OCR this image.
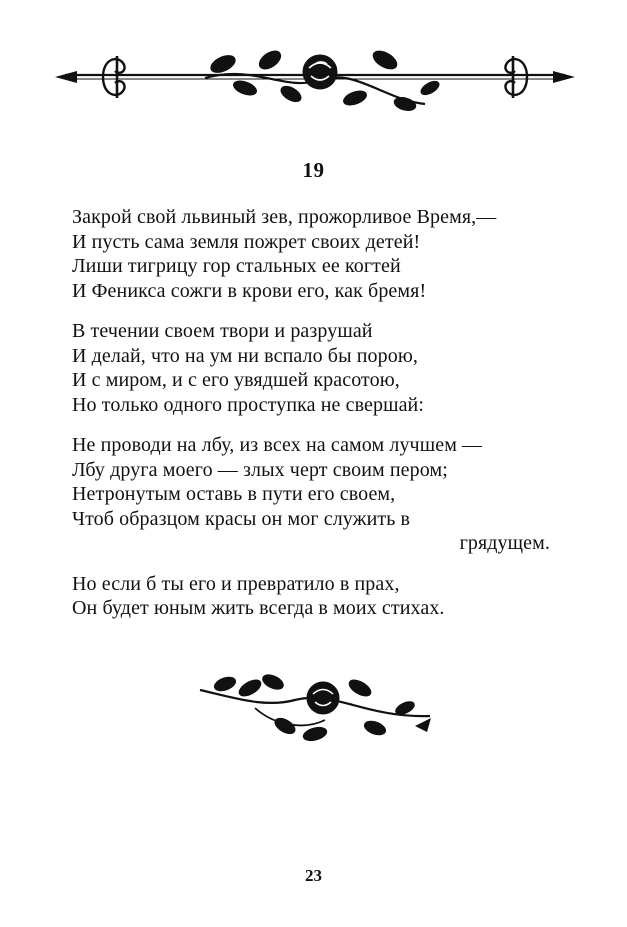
19
Закрой свой львиный зев, прожорливое Время,—
И пусть сама земля пожрет своих детей!
Лиши тигрицу гор стальных ее когтей
И Феникса сожги в крови его, как бремя!
В течении своем твори и разрушай
И делай, что на ум ни вспало бы порою,
И с миром, и с его увядшей красотою,
Но только одного проступка не свершай:
Не проводи на лбу, из всех на самом лучшем —
Лбу друга моего — злых черт своим пером;
Нетронутым оставь в пути его своем,
Чтоб образцом красы он мог служить в
грядущем.
Но если б ты его и превратило в прах,
Он будет юным жить всегда в моих стихах.
23
